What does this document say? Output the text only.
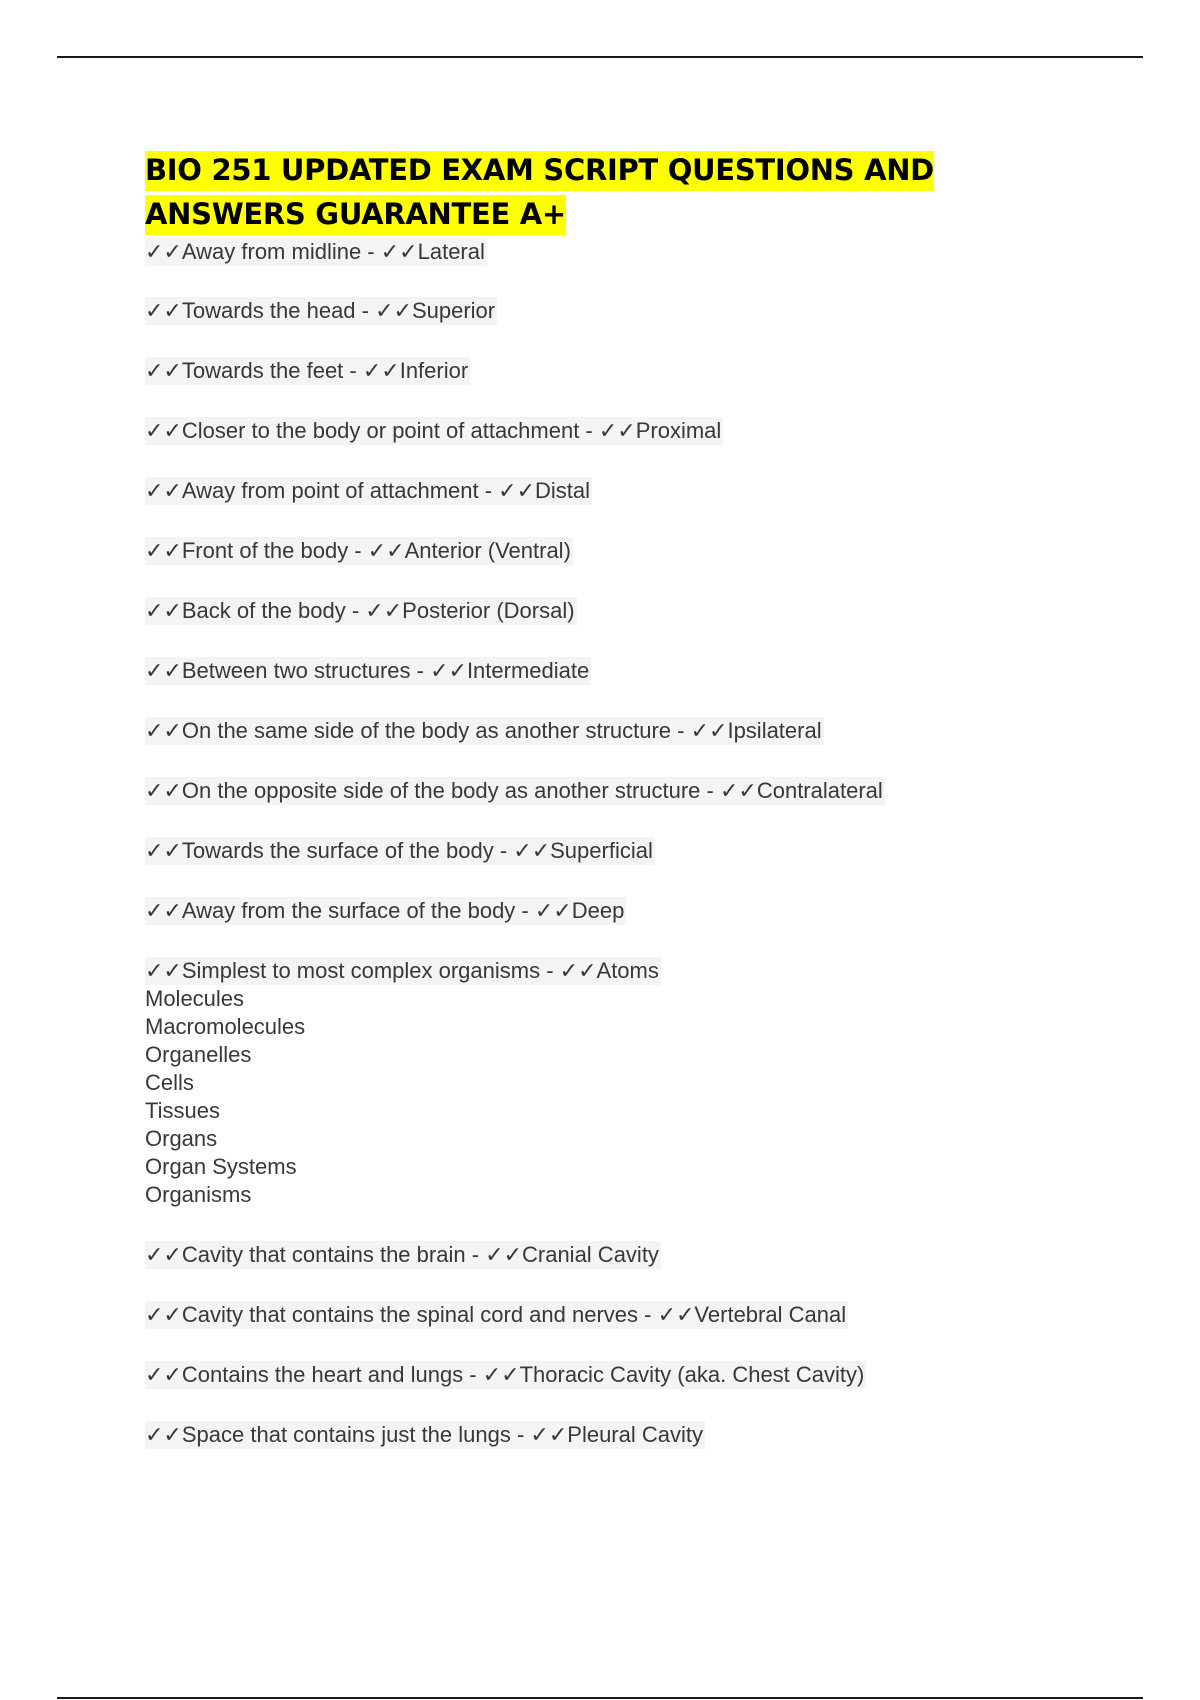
BIO 251 UPDATED EXAM SCRIPT QUESTIONS AND
ANSWERS GUARANTEE A+
✓✓Away from midline - ✓✓Lateral
✓✓Towards the head - ✓✓Superior
✓✓Towards the feet - ✓✓Inferior
✓✓Closer to the body or point of attachment - ✓✓Proximal
✓✓Away from point of attachment - ✓✓Distal
✓✓Front of the body - ✓✓Anterior (Ventral)
✓✓Back of the body - ✓✓Posterior (Dorsal)
✓✓Between two structures - ✓✓Intermediate
✓✓On the same side of the body as another structure - ✓✓Ipsilateral
✓✓On the opposite side of the body as another structure - ✓✓Contralateral
✓✓Towards the surface of the body - ✓✓Superficial
✓✓Away from the surface of the body - ✓✓Deep
✓✓Simplest to most complex organisms - ✓✓Atoms
Molecules
Macromolecules
Organelles
Cells
Tissues
Organs
Organ Systems
Organisms
✓✓Cavity that contains the brain - ✓✓Cranial Cavity
✓✓Cavity that contains the spinal cord and nerves - ✓✓Vertebral Canal
✓✓Contains the heart and lungs - ✓✓Thoracic Cavity (aka. Chest Cavity)
✓✓Space that contains just the lungs - ✓✓Pleural Cavity
